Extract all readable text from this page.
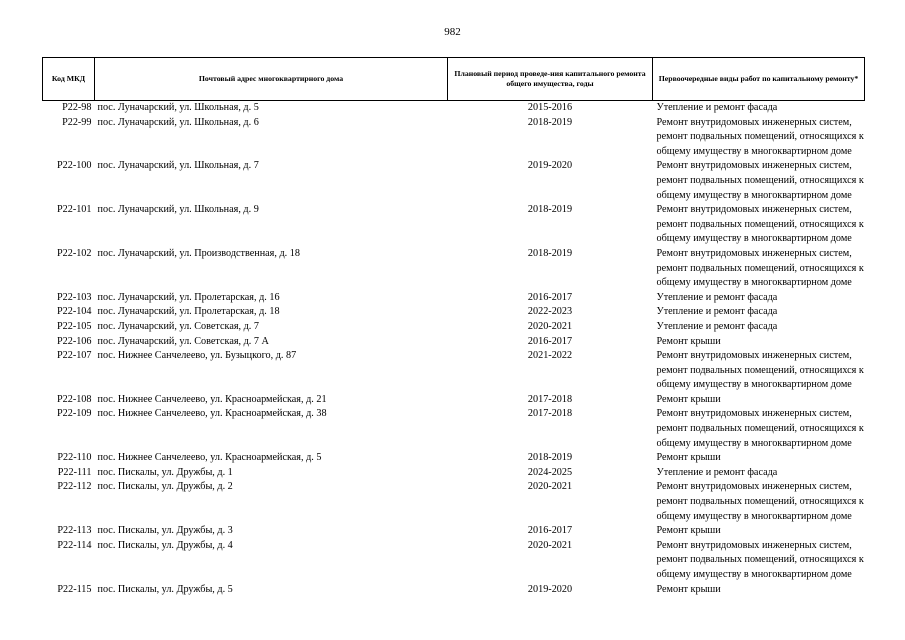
982
Код МКД	Почтовый адрес многоквартирного дома	Плановый период проведе-ния капитального ремонта общего имущества, годы	Первоочередные виды работ по капитальному ремонту*
P22-98	пос. Луначарский, ул. Школьная, д. 5	2015-2016	Утепление и ремонт фасада

P22-99	пос. Луначарский, ул. Школьная, д. 6	2018-2019	Ремонт внутридомовых инженерных систем,
ремонт подвальных помещений, относящихся к
общему имуществу в многоквартирном доме

P22-100	пос. Луначарский, ул. Школьная, д. 7	2019-2020	Ремонт внутридомовых инженерных систем,
ремонт подвальных помещений, относящихся к
общему имуществу в многоквартирном доме

P22-101	пос. Луначарский, ул. Школьная, д. 9	2018-2019	Ремонт внутридомовых инженерных систем,
ремонт подвальных помещений, относящихся к
общему имуществу в многоквартирном доме

P22-102	пос. Луначарский, ул. Производственная, д. 18	2018-2019	Ремонт внутридомовых инженерных систем,
ремонт подвальных помещений, относящихся к
общему имуществу в многоквартирном доме

P22-103	пос. Луначарский, ул. Пролетарская, д. 16	2016-2017	Утепление и ремонт фасада

P22-104	пос. Луначарский, ул. Пролетарская, д. 18	2022-2023	Утепление и ремонт фасада

P22-105	пос. Луначарский, ул. Советская, д. 7	2020-2021	Утепление и ремонт фасада

P22-106	пос. Луначарский, ул. Советская, д. 7 А	2016-2017	Ремонт крыши

P22-107	пос. Нижнее Санчелеево, ул. Бузыцкого, д. 87	2021-2022	Ремонт внутридомовых инженерных систем,
ремонт подвальных помещений, относящихся к
общему имуществу в многоквартирном доме

P22-108	пос. Нижнее Санчелеево, ул. Красноармейская, д. 21	2017-2018	Ремонт крыши

P22-109	пос. Нижнее Санчелеево, ул. Красноармейская, д. 38	2017-2018	Ремонт внутридомовых инженерных систем,
ремонт подвальных помещений, относящихся к
общему имуществу в многоквартирном доме

P22-110	пос. Нижнее Санчелеево, ул. Красноармейская, д. 5	2018-2019	Ремонт крыши

P22-111	пос. Пискалы, ул. Дружбы, д. 1	2024-2025	Утепление и ремонт фасада

P22-112	пос. Пискалы, ул. Дружбы, д. 2	2020-2021	Ремонт внутридомовых инженерных систем,
ремонт подвальных помещений, относящихся к
общему имуществу в многоквартирном доме

P22-113	пос. Пискалы, ул. Дружбы, д. 3	2016-2017	Ремонт крыши

P22-114	пос. Пискалы, ул. Дружбы, д. 4	2020-2021	Ремонт внутридомовых инженерных систем,
ремонт подвальных помещений, относящихся к
общему имуществу в многоквартирном доме

P22-115	пос. Пискалы, ул. Дружбы, д. 5	2019-2020	Ремонт крыши
